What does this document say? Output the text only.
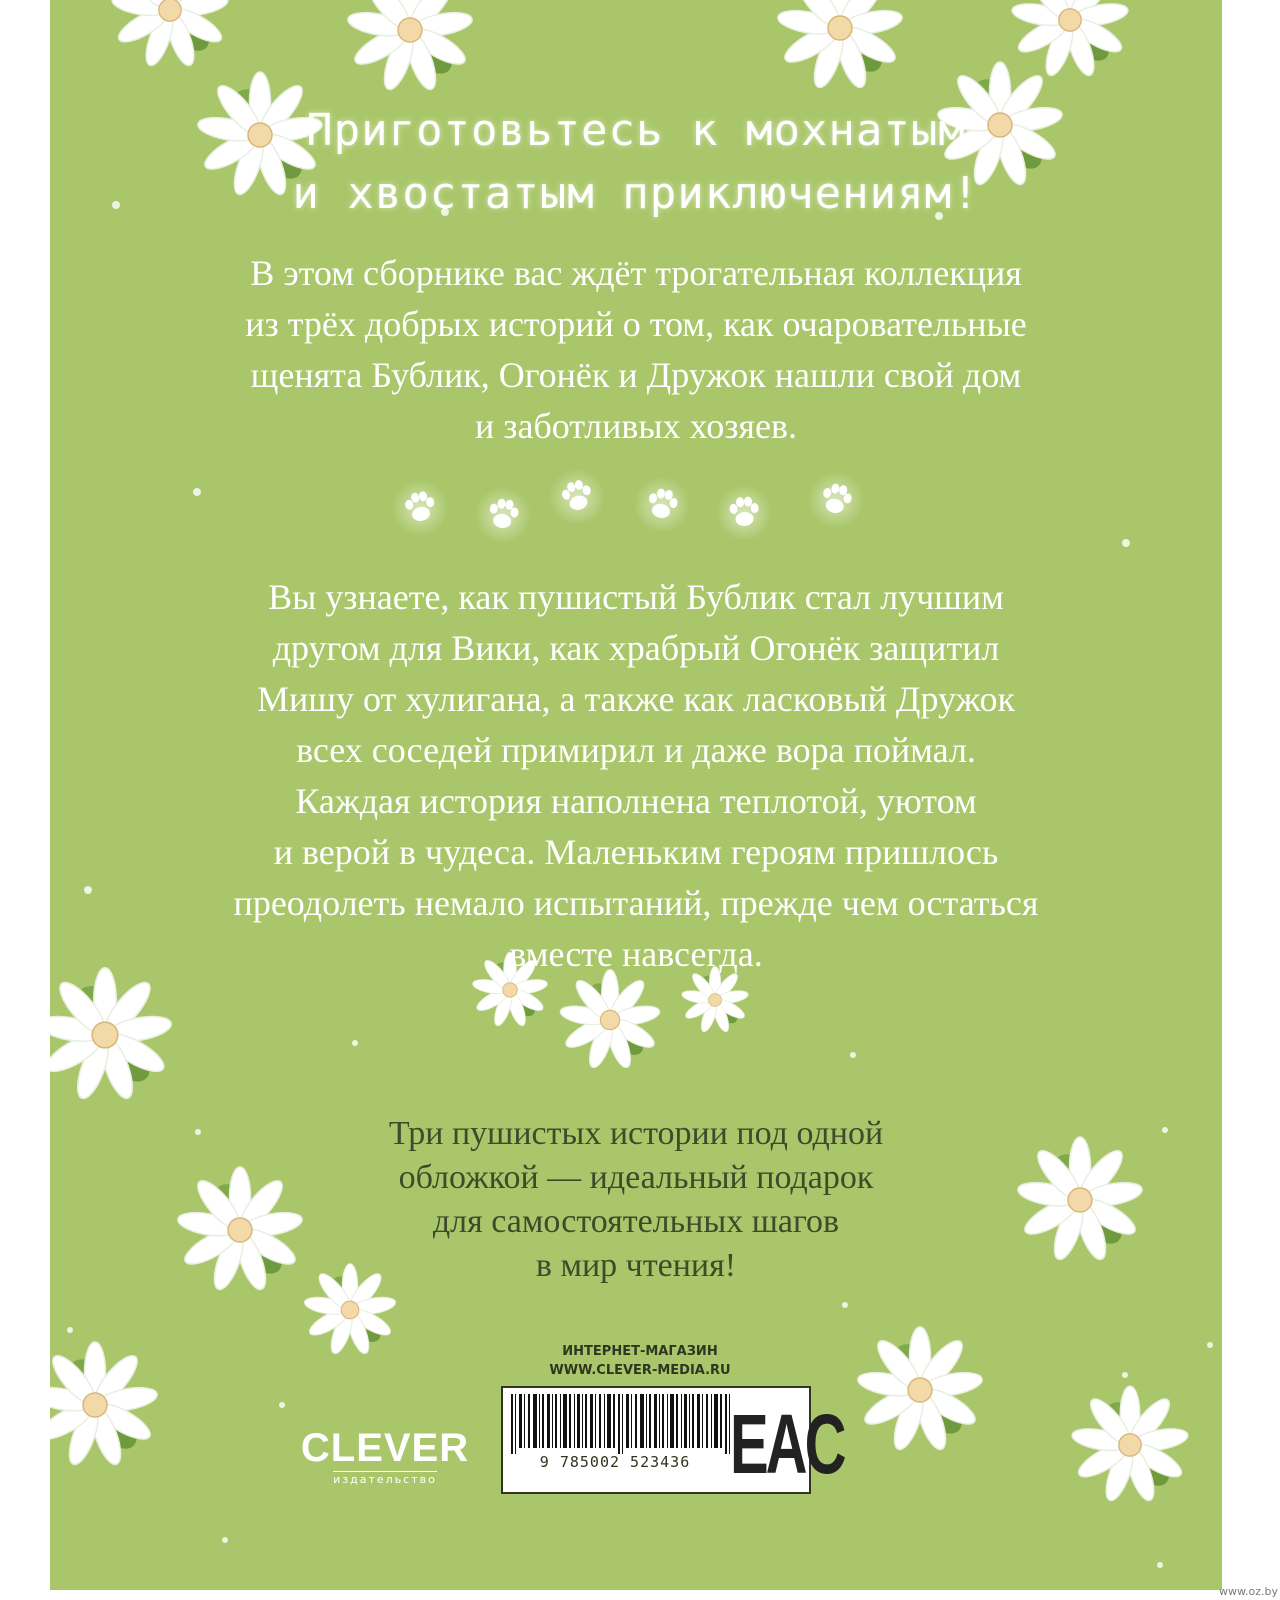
Приготовьтесь к мохнатым
и хвостатым приключениям!
В этом сборнике вас ждёт трогательная коллекция
из трёх добрых историй о том, как очаровательные
щенята Бублик, Огонёк и Дружок нашли свой дом
и заботливых хозяев.
Вы узнаете, как пушистый Бублик стал лучшим
другом для Вики, как храбрый Огонёк защитил
Мишу от хулигана, а также как ласковый Дружок
всех соседей примирил и даже вора поймал.
Каждая история наполнена теплотой, уютом
и верой в чудеса. Маленьким героям пришлось
преодолеть немало испытаний, прежде чем остаться
вместе навсегда.
Три пушистых истории под одной
обложкой — идеальный подарок
для самостоятельных шагов
в мир чтения!
ИНТЕРНЕТ-МАГАЗИН
WWW.CLEVER-MEDIA.RU
9 785002 523436 EAC
CLEVER
издательство
www.oz.by
